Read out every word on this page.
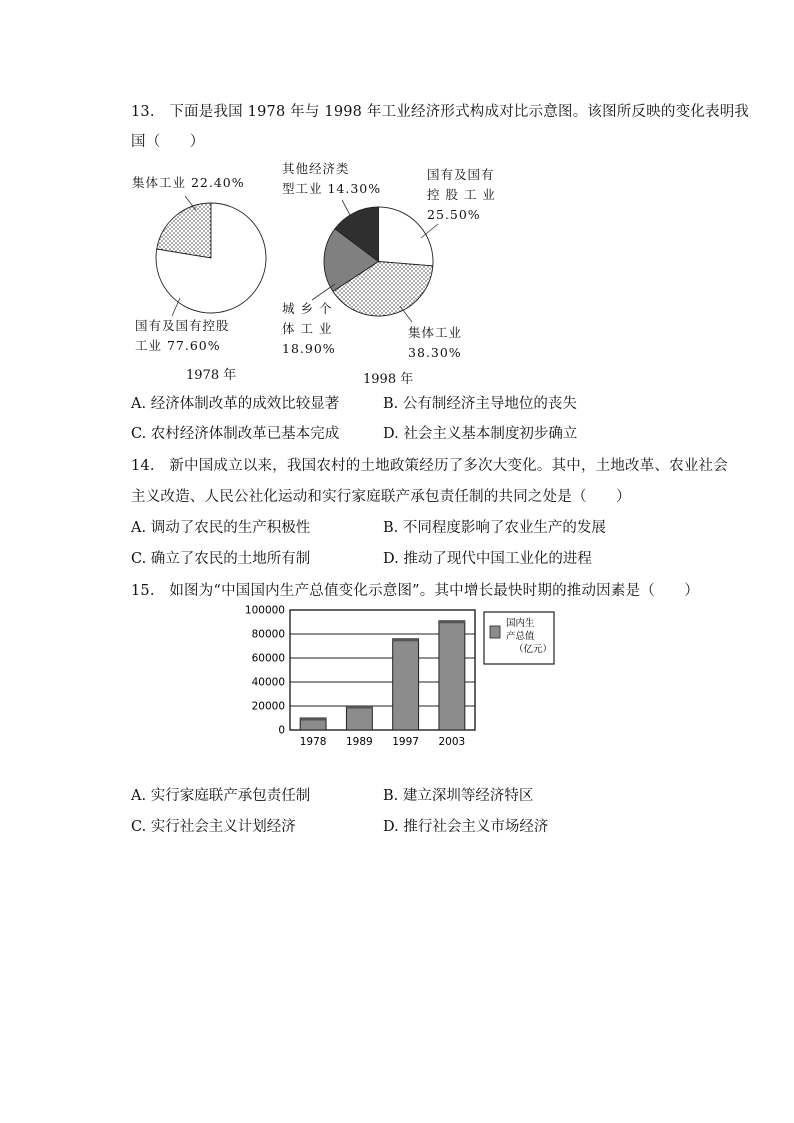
13.　下面是我国 1978 年与 1998 年工业经济形式构成对比示意图。该图所反映的变化表明我
国（　　）
集体工业 22.40%
国有及国有控股
工业 77.60%
1978 年
其他经济类
型工业 14.30%
国有及国有
控 股 工 业
25.50%
城 乡 个
体 工 业
18.90%
集体工业
38.30%
1998 年
A. 经济体制改革的成效比较显著	B. 公有制经济主导地位的丧失
C. 农村经济体制改革已基本完成	D. 社会主义基本制度初步确立
14.　新中国成立以来，我国农村的土地政策经历了多次大变化。其中，土地改革、农业社会
主义改造、人民公社化运动和实行家庭联产承包责任制的共同之处是（　　）
A. 调动了农民的生产积极性	B. 不同程度影响了农业生产的发展
C. 确立了农民的土地所有制	D. 推动了现代中国工业化的进程
15.　如图为“中国国内生产总值变化示意图”。其中增长最快时期的推动因素是（　　）
0
20000
40000
60000
80000
100000
1978 1989 1997 2003
国内生
产总值
（亿元）
A. 实行家庭联产承包责任制	B. 建立深圳等经济特区
C. 实行社会主义计划经济	D. 推行社会主义市场经济
